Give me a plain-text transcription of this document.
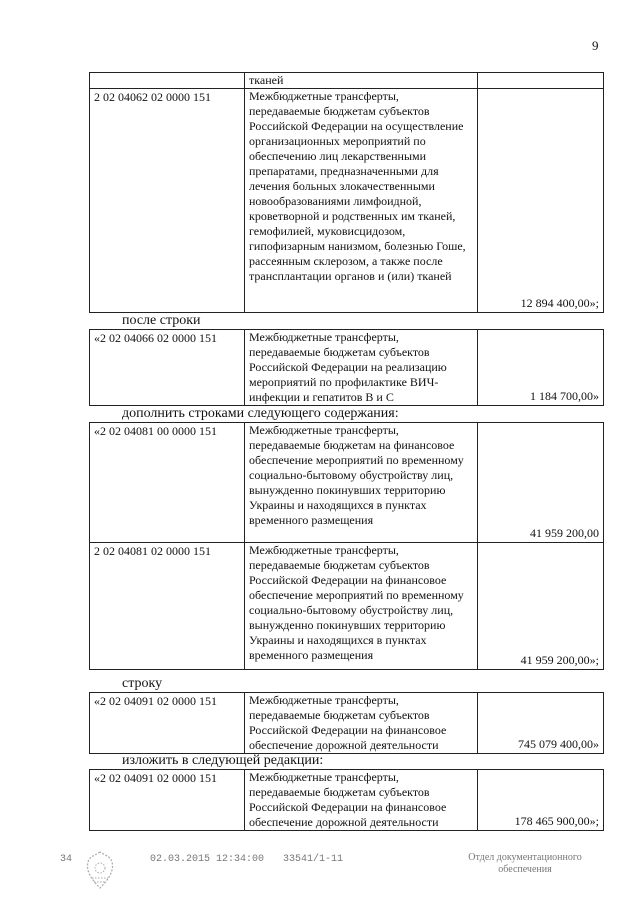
9
	тканей	
2 02 04062 02 0000 151	Межбюджетные трансферты, передаваемые бюджетам субъектов Российской Федерации на осуществление организационных мероприятий по обеспечению лиц лекарственными препаратами, предназначенными для лечения больных злокачественными новообразованиями лимфоидной, кроветворной и родственных им тканей, гемофилией, муковисцидозом, гипофизарным нанизмом, болезнью Гоше, рассеянным склерозом, а также после трансплантации органов и (или) тканей	12 894 400,00»;
после строки
«2 02 04066 02 0000 151	Межбюджетные трансферты, передаваемые бюджетам субъектов Российской Федерации на реализацию мероприятий по профилактике ВИЧ-инфекции и гепатитов В и С	1 184 700,00»
дополнить строками следующего содержания:
«2 02 04081 00 0000 151	Межбюджетные трансферты, передаваемые бюджетам на финансовое обеспечение мероприятий по временному социально-бытовому обустройству лиц, вынужденно покинувших территорию Украины и находящихся в пунктах временного размещения	41 959 200,00
2 02 04081 02 0000 151	Межбюджетные трансферты, передаваемые бюджетам субъектов Российской Федерации на финансовое обеспечение мероприятий по временному социально-бытовому обустройству лиц, вынужденно покинувших территорию Украины и находящихся в пунктах временного размещения	41 959 200,00»;
строку
«2 02 04091 02 0000 151	Межбюджетные трансферты, передаваемые бюджетам субъектов Российской Федерации на финансовое обеспечение дорожной деятельности	745 079 400,00»
изложить в следующей редакции:
«2 02 04091 02 0000 151	Межбюджетные трансферты, передаваемые бюджетам субъектов Российской Федерации на финансовое обеспечение дорожной деятельности	178 465 900,00»;
34	02.03.2015 12:34:00 33541/1-11	Отдел документационного обеспечения
